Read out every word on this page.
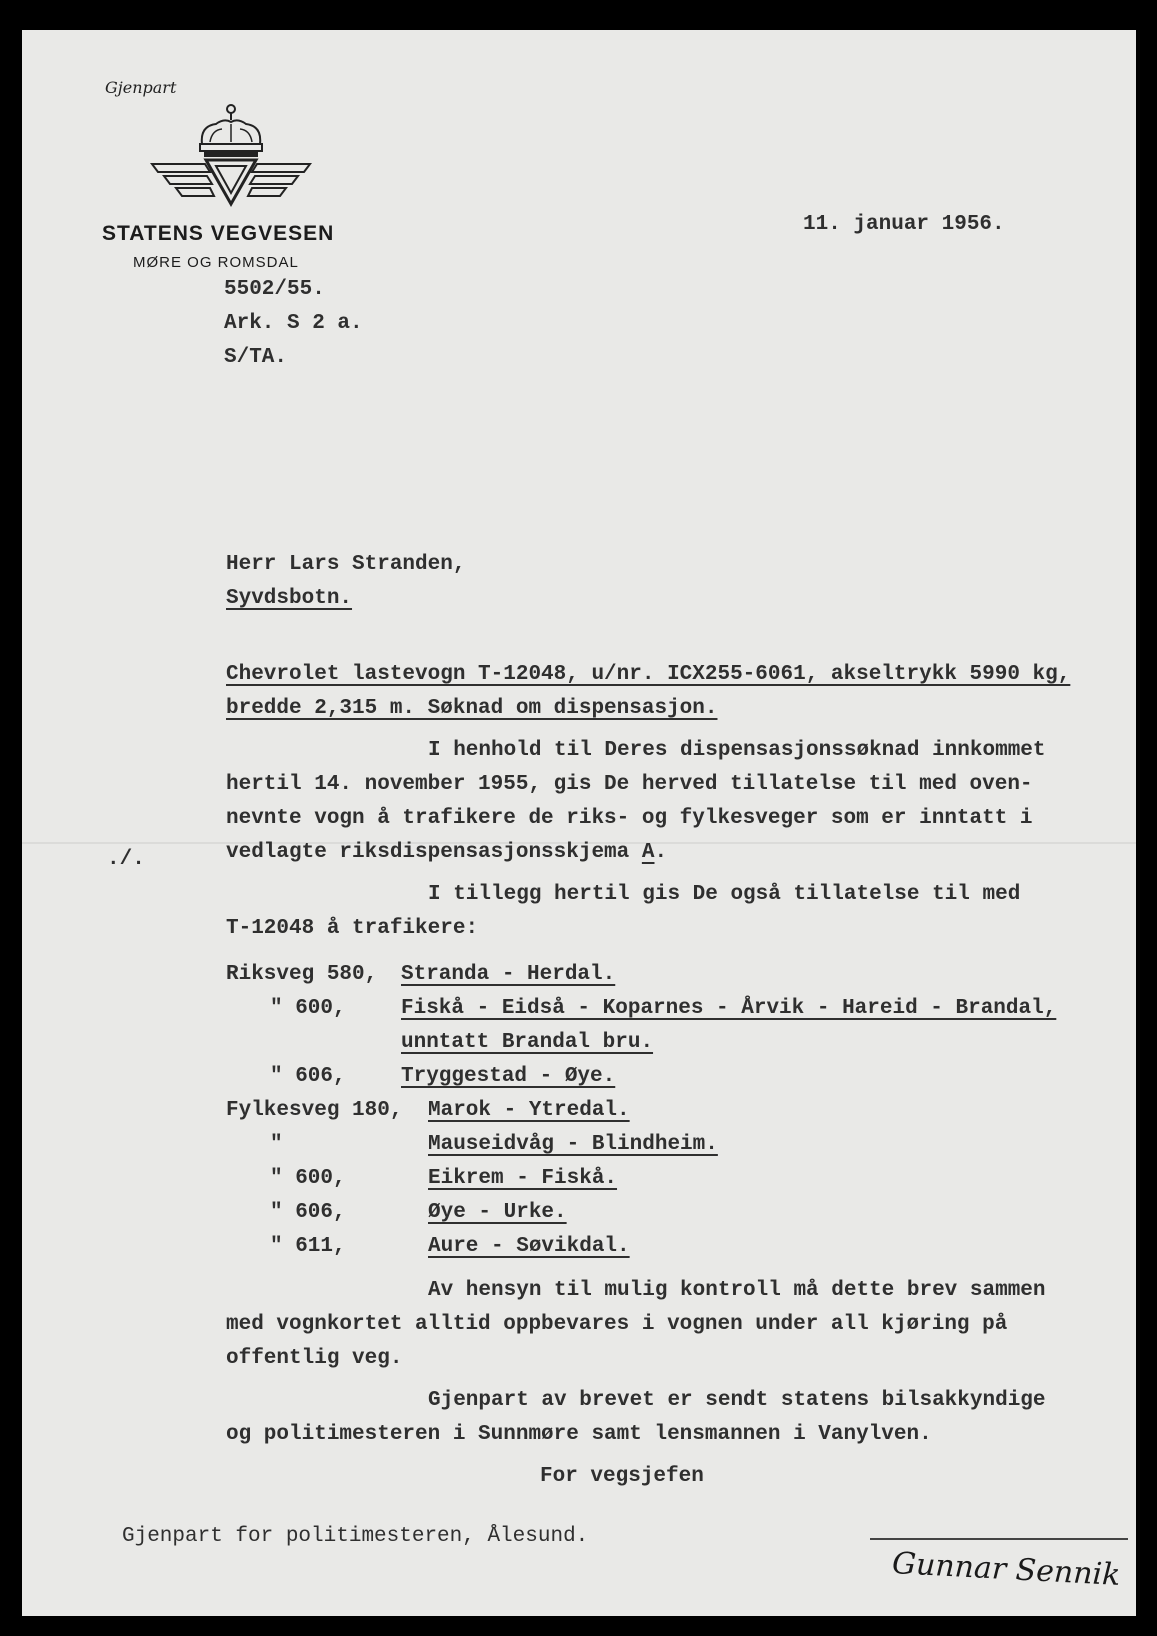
Gjenpart
STATENS VEGVESEN
MØRE OG ROMSDAL
11. januar 1956.
5502/55.
Ark. S 2 a.
S/TA.
Herr Lars Stranden,
Syvdsbotn.
Chevrolet lastevogn T-12048, u/nr. ICX255-6061, akseltrykk 5990 kg,
bredde 2,315 m. Søknad om dispensasjon.
I henhold til Deres dispensasjonssøknad innkommet
hertil 14. november 1955, gis De herved tillatelse til med oven-
nevnte vogn å trafikere de riks- og fylkesveger som er inntatt i
./.	vedlagte riksdispensasjonsskjema A.
I tillegg hertil gis De også tillatelse til med
T-12048 å trafikere:
Riksveg 580, Stranda - Herdal.
" 600,	Fiskå - Eidså - Koparnes - Årvik - Hareid - Brandal,
unntatt Brandal bru.
" 606,	Tryggestad - Øye.
Fylkesveg 180, Marok - Ytredal.
"	Mauseidvåg - Blindheim.
" 600,	Eikrem - Fiskå.
" 606,	Øye - Urke.
" 611,	Aure - Søvikdal.
Av hensyn til mulig kontroll må dette brev sammen
med vognkortet alltid oppbevares i vognen under all kjøring på
offentlig veg.
Gjenpart av brevet er sendt statens bilsakkyndige
og politimesteren i Sunnmøre samt lensmannen i Vanylven.
For vegsjefen
Gjenpart for politimesteren, Ålesund.
Gunnar Sennik
